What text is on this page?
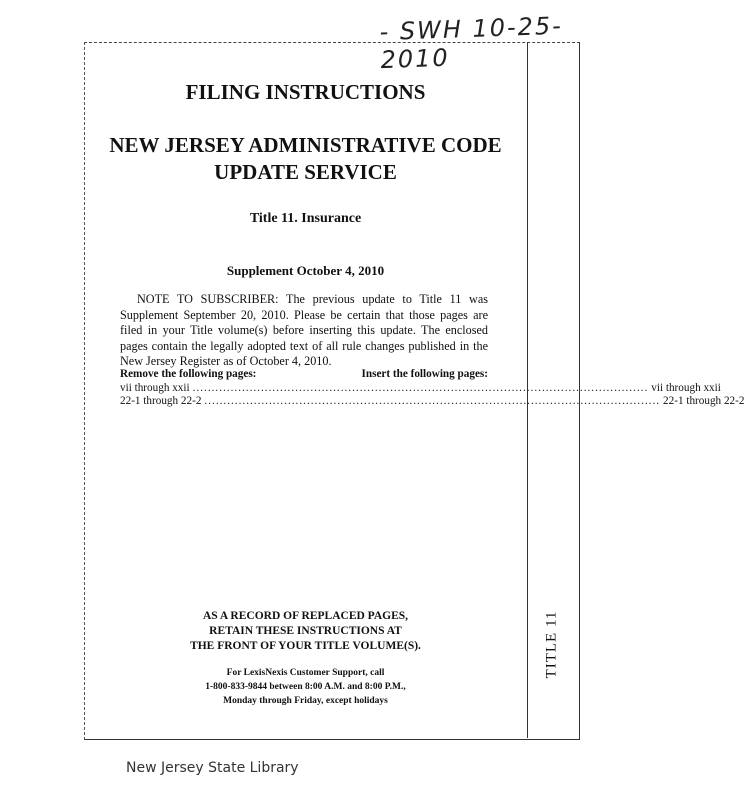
- SWH 10-25-2010
FILING INSTRUCTIONS
NEW JERSEY ADMINISTRATIVE CODE
UPDATE SERVICE
Title 11. Insurance
Supplement October 4, 2010
NOTE TO SUBSCRIBER: The previous update to Title 11 was Supplement September 20, 2010. Please be certain that those pages are filed in your Title volume(s) before inserting this update. The enclosed pages contain the legally adopted text of all rule changes published in the New Jersey Register as of October 4, 2010.
Remove the following pages:	Insert the following pages:
vii through xxii ........................................................................................................................ vii through xxii
22-1 through 22-2 ........................................................................................................................ 22-1 through 22-2
AS A RECORD OF REPLACED PAGES,
RETAIN THESE INSTRUCTIONS AT
THE FRONT OF YOUR TITLE VOLUME(S).
For LexisNexis Customer Support, call
1-800-833-9844 between 8:00 A.M. and 8:00 P.M.,
Monday through Friday, except holidays
TITLE 11
New Jersey State Library
